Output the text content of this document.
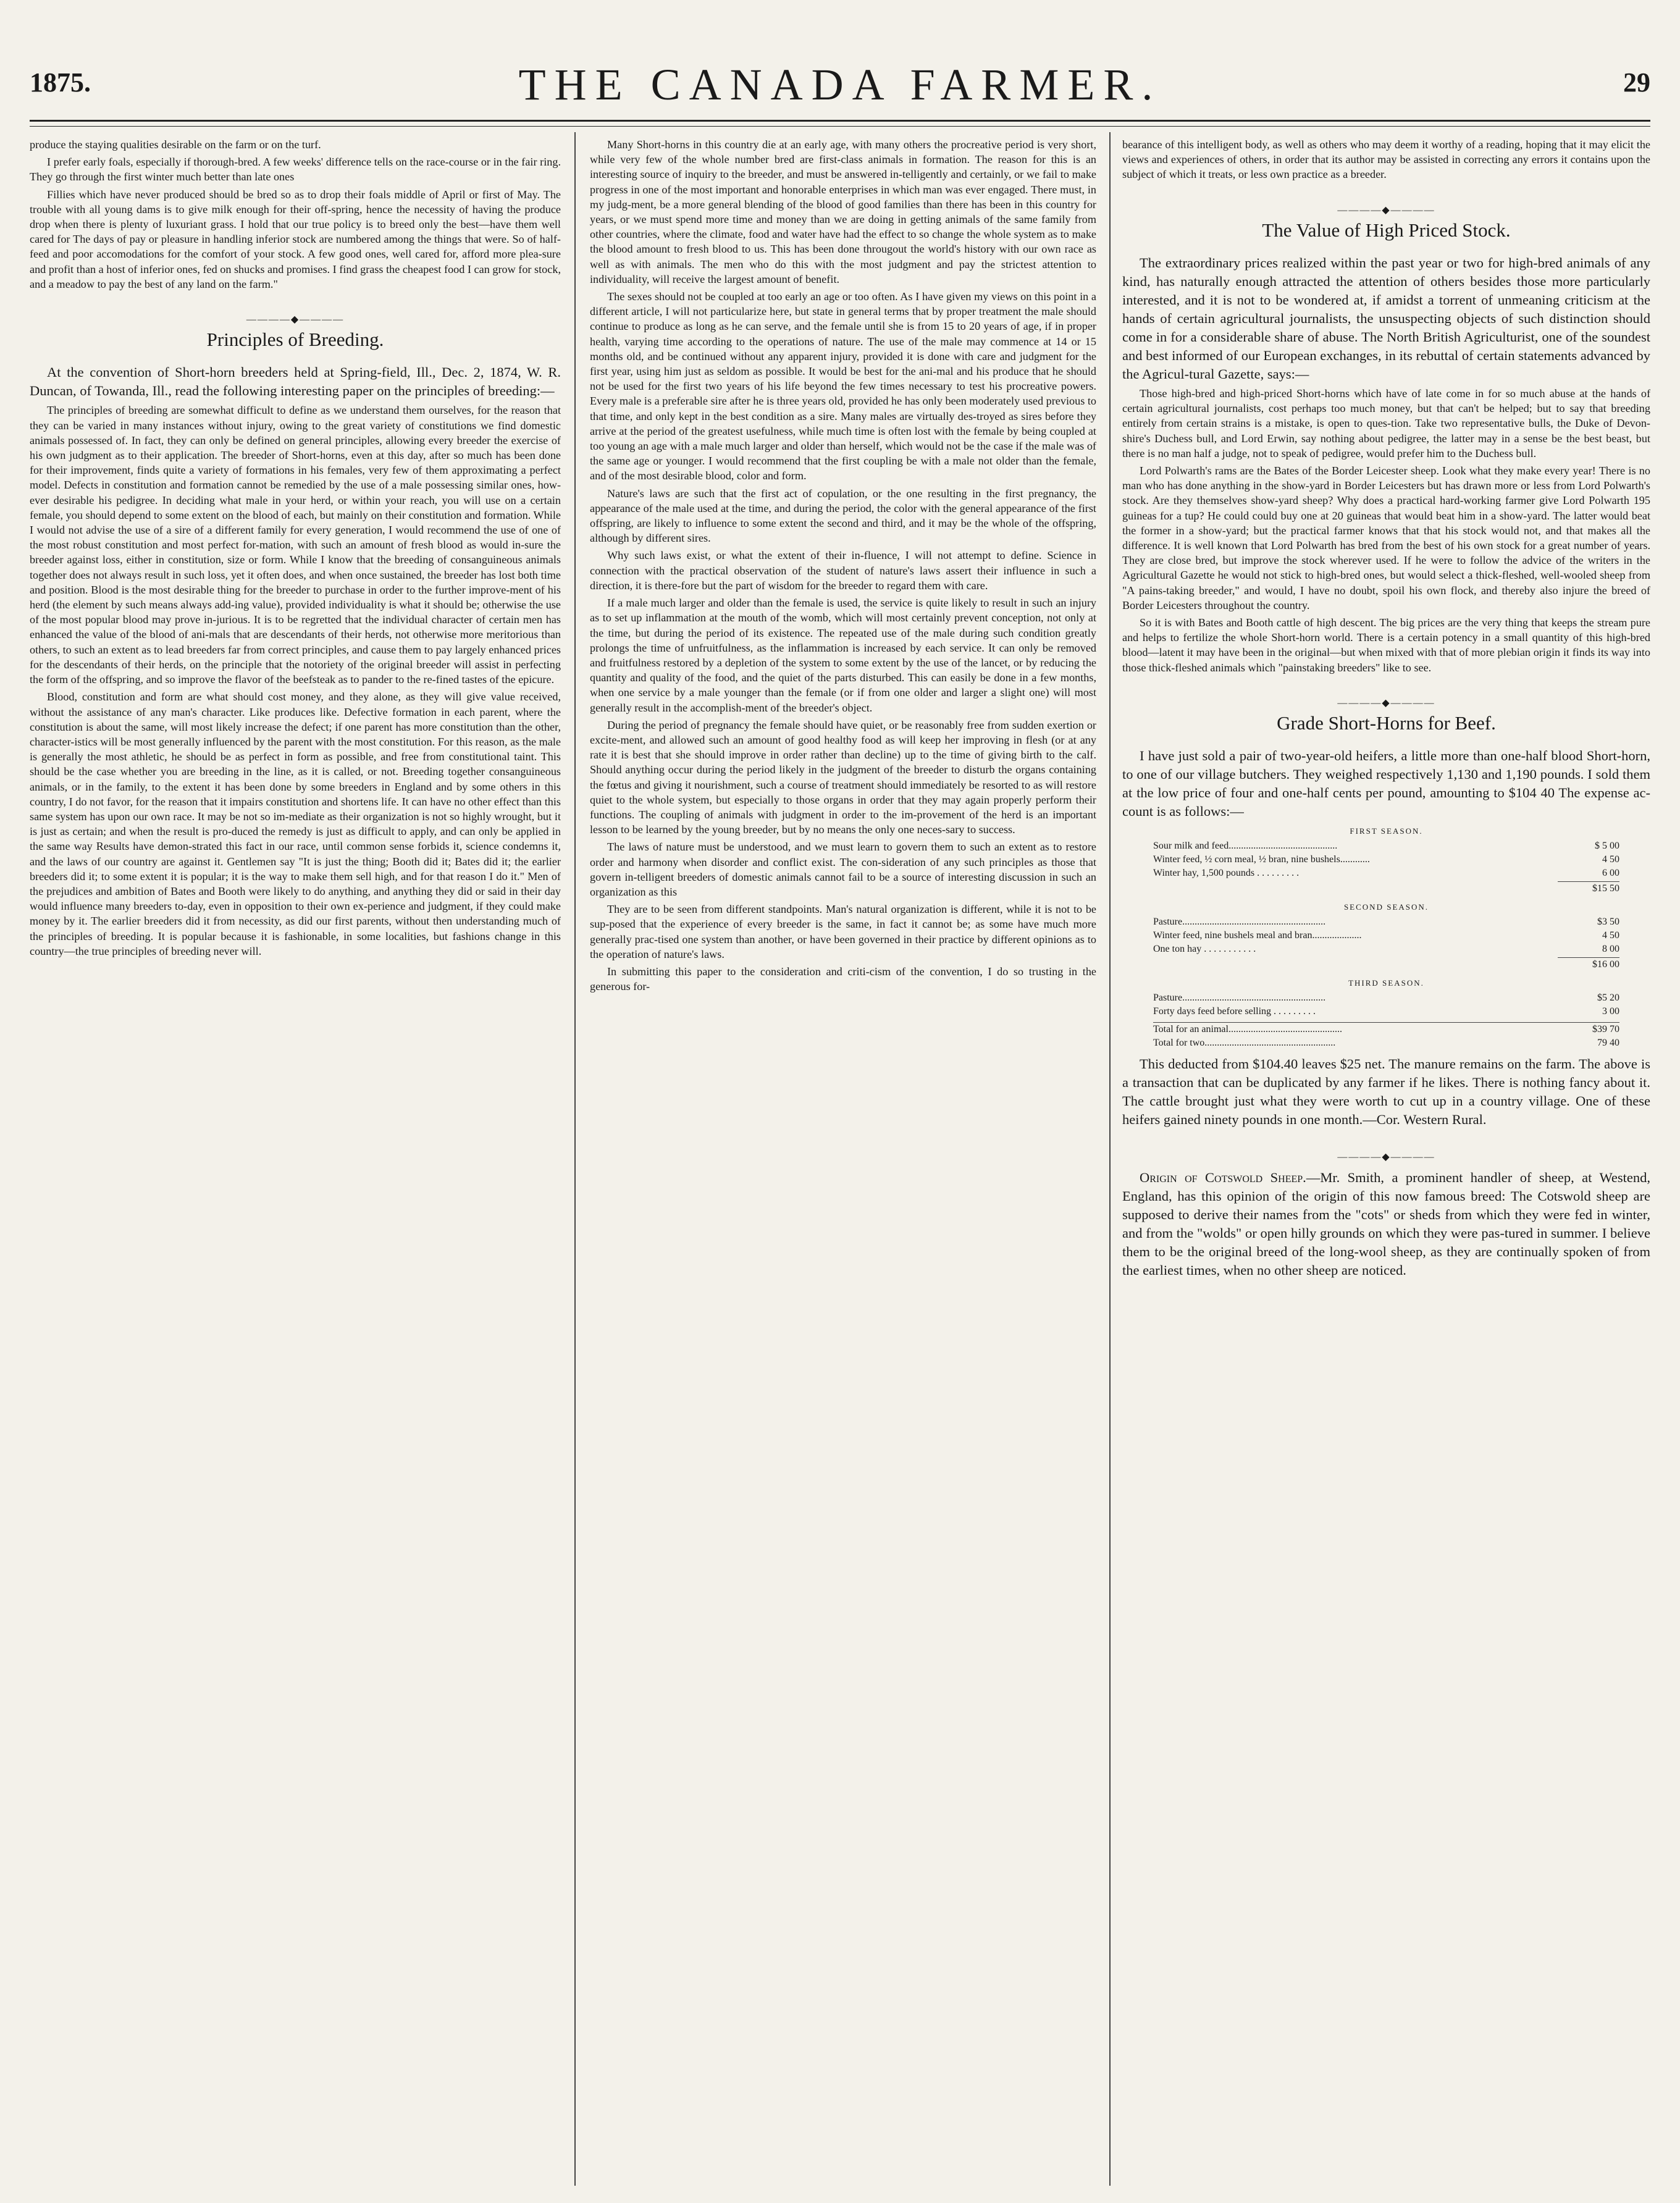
1875.	THE CANADA FARMER.	29

produce the staying qualities desirable on the farm or on the turf.

I prefer early foals, especially if thorough-bred. A few weeks' difference tells on the race-course or in the fair ring. They go through the first winter much better than late ones

Fillies which have never produced should be bred so as to drop their foals middle of April or first of May. The trouble with all young dams is to give milk enough for their off-spring, hence the necessity of having the produce drop when there is plenty of luxuriant grass. I hold that our true policy is to breed only the best—have them well cared for The days of pay or pleasure in handling inferior stock are numbered among the things that were. So of half-feed and poor accomodations for the comfort of your stock. A few good ones, well cared for, afford more plea-sure and profit than a host of inferior ones, fed on shucks and promises. I find grass the cheapest food I can grow for stock, and a meadow to pay the best of any land on the farm."

————◆————
Principles of Breeding.

At the convention of Short-horn breeders held at Spring-field, Ill., Dec. 2, 1874, W. R. Duncan, of Towanda, Ill., read the following interesting paper on the principles of breeding:—

The principles of breeding are somewhat difficult to define as we understand them ourselves, for the reason that they can be varied in many instances without injury, owing to the great variety of constitutions we find domestic animals possessed of. In fact, they can only be defined on general principles, allowing every breeder the exercise of his own judgment as to their application. The breeder of Short-horns, even at this day, after so much has been done for their improvement, finds quite a variety of formations in his females, very few of them approximating a perfect model. Defects in constitution and formation cannot be remedied by the use of a male possessing similar ones, how-ever desirable his pedigree. In deciding what male in your herd, or within your reach, you will use on a certain female, you should depend to some extent on the blood of each, but mainly on their constitution and formation. While I would not advise the use of a sire of a different family for every generation, I would recommend the use of one of the most robust constitution and most perfect for-mation, with such an amount of fresh blood as would in-sure the breeder against loss, either in constitution, size or form. While I know that the breeding of consanguineous animals together does not always result in such loss, yet it often does, and when once sustained, the breeder has lost both time and position. Blood is the most desirable thing for the breeder to purchase in order to the further improve-ment of his herd (the element by such means always add-ing value), provided individuality is what it should be; otherwise the use of the most popular blood may prove in-jurious. It is to be regretted that the individual character of certain men has enhanced the value of the blood of ani-mals that are descendants of their herds, not otherwise more meritorious than others, to such an extent as to lead breeders far from correct principles, and cause them to pay largely enhanced prices for the descendants of their herds, on the principle that the notoriety of the original breeder will assist in perfecting the form of the offspring, and so improve the flavor of the beefsteak as to pander to the re-fined tastes of the epicure.

Blood, constitution and form are what should cost money, and they alone, as they will give value received, without the assistance of any man's character. Like produces like. Defective formation in each parent, where the constitution is about the same, will most likely increase the defect; if one parent has more constitution than the other, character-istics will be most generally influenced by the parent with the most constitution. For this reason, as the male is generally the most athletic, he should be as perfect in form as possible, and free from constitutional taint. This should be the case whether you are breeding in the line, as it is called, or not. Breeding together consanguineous animals, or in the family, to the extent it has been done by some breeders in England and by some others in this country, I do not favor, for the reason that it impairs constitution and shortens life. It can have no other effect than this same system has upon our own race. It may be not so im-mediate as their organization is not so highly wrought, but it is just as certain; and when the result is pro-duced the remedy is just as difficult to apply, and can only be applied in the same way Results have demon-strated this fact in our race, until common sense forbids it, science condemns it, and the laws of our country are against it. Gentlemen say "It is just the thing; Booth did it; Bates did it; the earlier breeders did it; to some extent it is popular; it is the way to make them sell high, and for that reason I do it." Men of the prejudices and ambition of Bates and Booth were likely to do anything, and anything they did or said in their day would influence many breeders to-day, even in opposition to their own ex-perience and judgment, if they could make money by it. The earlier breeders did it from necessity, as did our first parents, without then understanding much of the principles of breeding. It is popular because it is fashionable, in some localities, but fashions change in this country—the true principles of breeding never will.

Many Short-horns in this country die at an early age, with many others the procreative period is very short, while very few of the whole number bred are first-class animals in formation. The reason for this is an interesting source of inquiry to the breeder, and must be answered in-telligently and certainly, or we fail to make progress in one of the most important and honorable enterprises in which man was ever engaged. There must, in my judg-ment, be a more general blending of the blood of good families than there has been in this country for years, or we must spend more time and money than we are doing in getting animals of the same family from other countries, where the climate, food and water have had the effect to so change the whole system as to make the blood amount to fresh blood to us. This has been done througout the world's history with our own race as well as with animals. The men who do this with the most judgment and pay the strictest attention to individuality, will receive the largest amount of benefit.

The sexes should not be coupled at too early an age or too often. As I have given my views on this point in a different article, I will not particularize here, but state in general terms that by proper treatment the male should continue to produce as long as he can serve, and the female until she is from 15 to 20 years of age, if in proper health, varying time according to the operations of nature. The use of the male may commence at 14 or 15 months old, and be continued without any apparent injury, provided it is done with care and judgment for the first year, using him just as seldom as possible. It would be best for the ani-mal and his produce that he should not be used for the first two years of his life beyond the few times necessary to test his procreative powers. Every male is a preferable sire after he is three years old, provided he has only been moderately used previous to that time, and only kept in the best condition as a sire. Many males are virtually des-troyed as sires before they arrive at the period of the greatest usefulness, while much time is often lost with the female by being coupled at too young an age with a male much larger and older than herself, which would not be the case if the male was of the same age or younger. I would recommend that the first coupling be with a male not older than the female, and of the most desirable blood, color and form.

Nature's laws are such that the first act of copulation, or the one resulting in the first pregnancy, the appearance of the male used at the time, and during the period, the color with the general appearance of the first offspring, are likely to influence to some extent the second and third, and it may be the whole of the offspring, although by different sires.

Why such laws exist, or what the extent of their in-fluence, I will not attempt to define. Science in connection with the practical observation of the student of nature's laws assert their influence in such a direction, it is there-fore but the part of wisdom for the breeder to regard them with care.

If a male much larger and older than the female is used, the service is quite likely to result in such an injury as to set up inflammation at the mouth of the womb, which will most certainly prevent conception, not only at the time, but during the period of its existence. The repeated use of the male during such condition greatly prolongs the time of unfruitfulness, as the inflammation is increased by each service. It can only be removed and fruitfulness restored by a depletion of the system to some extent by the use of the lancet, or by reducing the quantity and quality of the food, and the quiet of the parts disturbed. This can easily be done in a few months, when one service by a male younger than the female (or if from one older and larger a slight one) will most generally result in the accomplish-ment of the breeder's object.

During the period of pregnancy the female should have quiet, or be reasonably free from sudden exertion or excite-ment, and allowed such an amount of good healthy food as will keep her improving in flesh (or at any rate it is best that she should improve in order rather than decline) up to the time of giving birth to the calf. Should anything occur during the period likely in the judgment of the breeder to disturb the organs containing the fœtus and giving it nourishment, such a course of treatment should immediately be resorted to as will restore quiet to the whole system, but especially to those organs in order that they may again properly perform their functions. The coupling of animals with judgment in order to the im-provement of the herd is an important lesson to be learned by the young breeder, but by no means the only one neces-sary to success.

The laws of nature must be understood, and we must learn to govern them to such an extent as to restore order and harmony when disorder and conflict exist. The con-sideration of any such principles as those that govern in-telligent breeders of domestic animals cannot fail to be a source of interesting discussion in such an organization as this

They are to be seen from different standpoints. Man's natural organization is different, while it is not to be sup-posed that the experience of every breeder is the same, in fact it cannot be; as some have much more generally prac-tised one system than another, or have been governed in their practice by different opinions as to the operation of nature's laws.

In submitting this paper to the consideration and criti-cism of the convention, I do so trusting in the generous for-

bearance of this intelligent body, as well as others who may deem it worthy of a reading, hoping that it may elicit the views and experiences of others, in order that its author may be assisted in correcting any errors it contains upon the subject of which it treats, or less own practice as a breeder.

————◆————
The Value of High Priced Stock.

The extraordinary prices realized within the past year or two for high-bred animals of any kind, has naturally enough attracted the attention of others besides those more particularly interested, and it is not to be wondered at, if amidst a torrent of unmeaning criticism at the hands of certain agricultural journalists, the unsuspecting objects of such distinction should come in for a considerable share of abuse. The North British Agriculturist, one of the soundest and best informed of our European exchanges, in its rebuttal of certain statements advanced by the Agricul-tural Gazette, says:—

Those high-bred and high-priced Short-horns which have of late come in for so much abuse at the hands of certain agricultural journalists, cost perhaps too much money, but that can't be helped; but to say that breeding entirely from certain strains is a mistake, is open to ques-tion. Take two representative bulls, the Duke of Devon-shire's Duchess bull, and Lord Erwin, say nothing about pedigree, the latter may in a sense be the best beast, but there is no man half a judge, not to speak of pedigree, would prefer him to the Duchess bull.

Lord Polwarth's rams are the Bates of the Border Leicester sheep. Look what they make every year! There is no man who has done anything in the show-yard in Border Leicesters but has drawn more or less from Lord Polwarth's stock. Are they themselves show-yard sheep? Why does a practical hard-working farmer give Lord Polwarth 195 guineas for a tup? He could could buy one at 20 guineas that would beat him in a show-yard. The latter would beat the former in a show-yard; but the practical farmer knows that that his stock would not, and that makes all the difference. It is well known that Lord Polwarth has bred from the best of his own stock for a great number of years. They are close bred, but improve the stock wherever used. If he were to follow the advice of the writers in the Agricultural Gazette he would not stick to high-bred ones, but would select a thick-fleshed, well-wooled sheep from "A pains-taking breeder," and would, I have no doubt, spoil his own flock, and thereby also injure the breed of Border Leicesters throughout the country.

So it is with Bates and Booth cattle of high descent. The big prices are the very thing that keeps the stream pure and helps to fertilize the whole Short-horn world. There is a certain potency in a small quantity of this high-bred blood—latent it may have been in the original—but when mixed with that of more plebian origin it finds its way into those thick-fleshed animals which "painstaking breeders" like to see.

————◆————
Grade Short-Horns for Beef.

I have just sold a pair of two-year-old heifers, a little more than one-half blood Short-horn, to one of our village butchers. They weighed respectively 1,130 and 1,190 pounds. I sold them at the low price of four and one-half cents per pound, amounting to $104 40 The expense ac-count is as follows:—

FIRST SEASON.
Sour milk and feed............................................	$ 5 00
Winter feed, ½ corn meal, ½ bran, nine bushels............	4 50
Winter hay, 1,500 pounds . . . . . . . . .	6 00
$15 50
SECOND SEASON.
Pasture..........................................................	$3 50
Winter feed, nine bushels meal and bran....................	4 50
One ton hay . . . . . . . . . . .	8 00
$16 00
THIRD SEASON.
Pasture..........................................................	$5 20
Forty days feed before selling . . . . . . . . .	3 00
Total for an animal..............................................	$39 70
Total for two.....................................................	79 40

This deducted from $104.40 leaves $25 net. The manure remains on the farm. The above is a transaction that can be duplicated by any farmer if he likes. There is nothing fancy about it. The cattle brought just what they were worth to cut up in a country village. One of these heifers gained ninety pounds in one month.—Cor. Western Rural.

————◆————

Origin of Cotswold Sheep.—Mr. Smith, a prominent handler of sheep, at Westend, England, has this opinion of the origin of this now famous breed: The Cotswold sheep are supposed to derive their names from the "cots" or sheds from which they were fed in winter, and from the "wolds" or open hilly grounds on which they were pas-tured in summer. I believe them to be the original breed of the long-wool sheep, as they are continually spoken of from the earliest times, when no other sheep are noticed.
